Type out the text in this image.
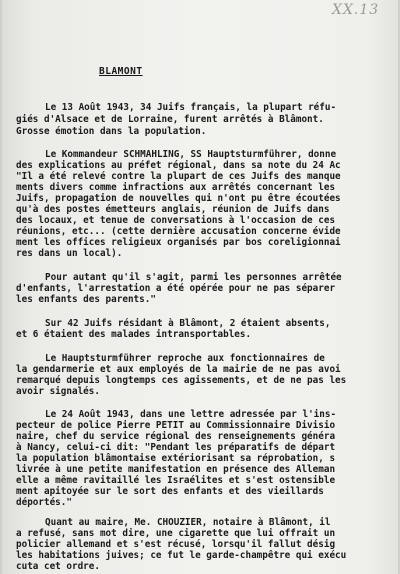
XX.13
BLAMONT

Le 13 Août 1943, 34 Juifs français, la plupart réfu-

giés d'Alsace et de Lorraine, furent arrêtés à Blâmont.

Grosse émotion dans la population.

Le Kommandeur SCHMAHLING, SS Hauptsturmführer, donne

des explications au préfet régional, dans sa note du 24 Ac

"Il a été relevé contre la plupart de ces Juifs des manque

ments divers comme infractions aux arrêtés concernant les

Juifs, propagation de nouvelles qui n'ont pu être écoutées

qu'à des postes émetteurs anglais, réunion de Juifs dans

des locaux, et tenue de conversations à l'occasion de ces

réunions, etc... (cette dernière accusation concerne évide

ment les offices religieux organisés par bos coreligionnai

res dans un local).

Pour autant qu'il s'agit, parmi les personnes arrêtée

d'enfants, l'arrestation a été opérée pour ne pas séparer

les enfants des parents."

Sur 42 Juifs résidant à Blâmont, 2 étaient absents,

et 6 étaient des malades intransportables.

Le Hauptsturmführer reproche aux fonctionnaires de

la gendarmerie et aux employés de la mairie de ne pas avoi

remarqué depuis longtemps ces agissements, et de ne pas les

avoir signalés.

Le 24 Août 1943, dans une lettre adressée par l'ins-

pecteur de police Pierre PETIT au Commissionnaire Divisio

naire, chef du service régional des renseignements généra

à Nancy, celui-ci dit: "Pendant les préparatifs de départ

la population blâmontaise extériorisant sa réprobation, s

livrée à une petite manifestation en présence des Alleman

elle a même ravitaillé les Israélites et s'est ostensible

ment apitoyée sur le sort des enfants et des vieillards

déportés."

Quant au maire, Me. CHOUZIER, notaire à Blâmont, il

a refusé, sans mot dire, une cigarette que lui offrait un

policier allemand et s'est récusé, lorsqu'il fallut désig

les habitations juives; ce fut le garde-champêtre qui exécu

cuta cet ordre.
